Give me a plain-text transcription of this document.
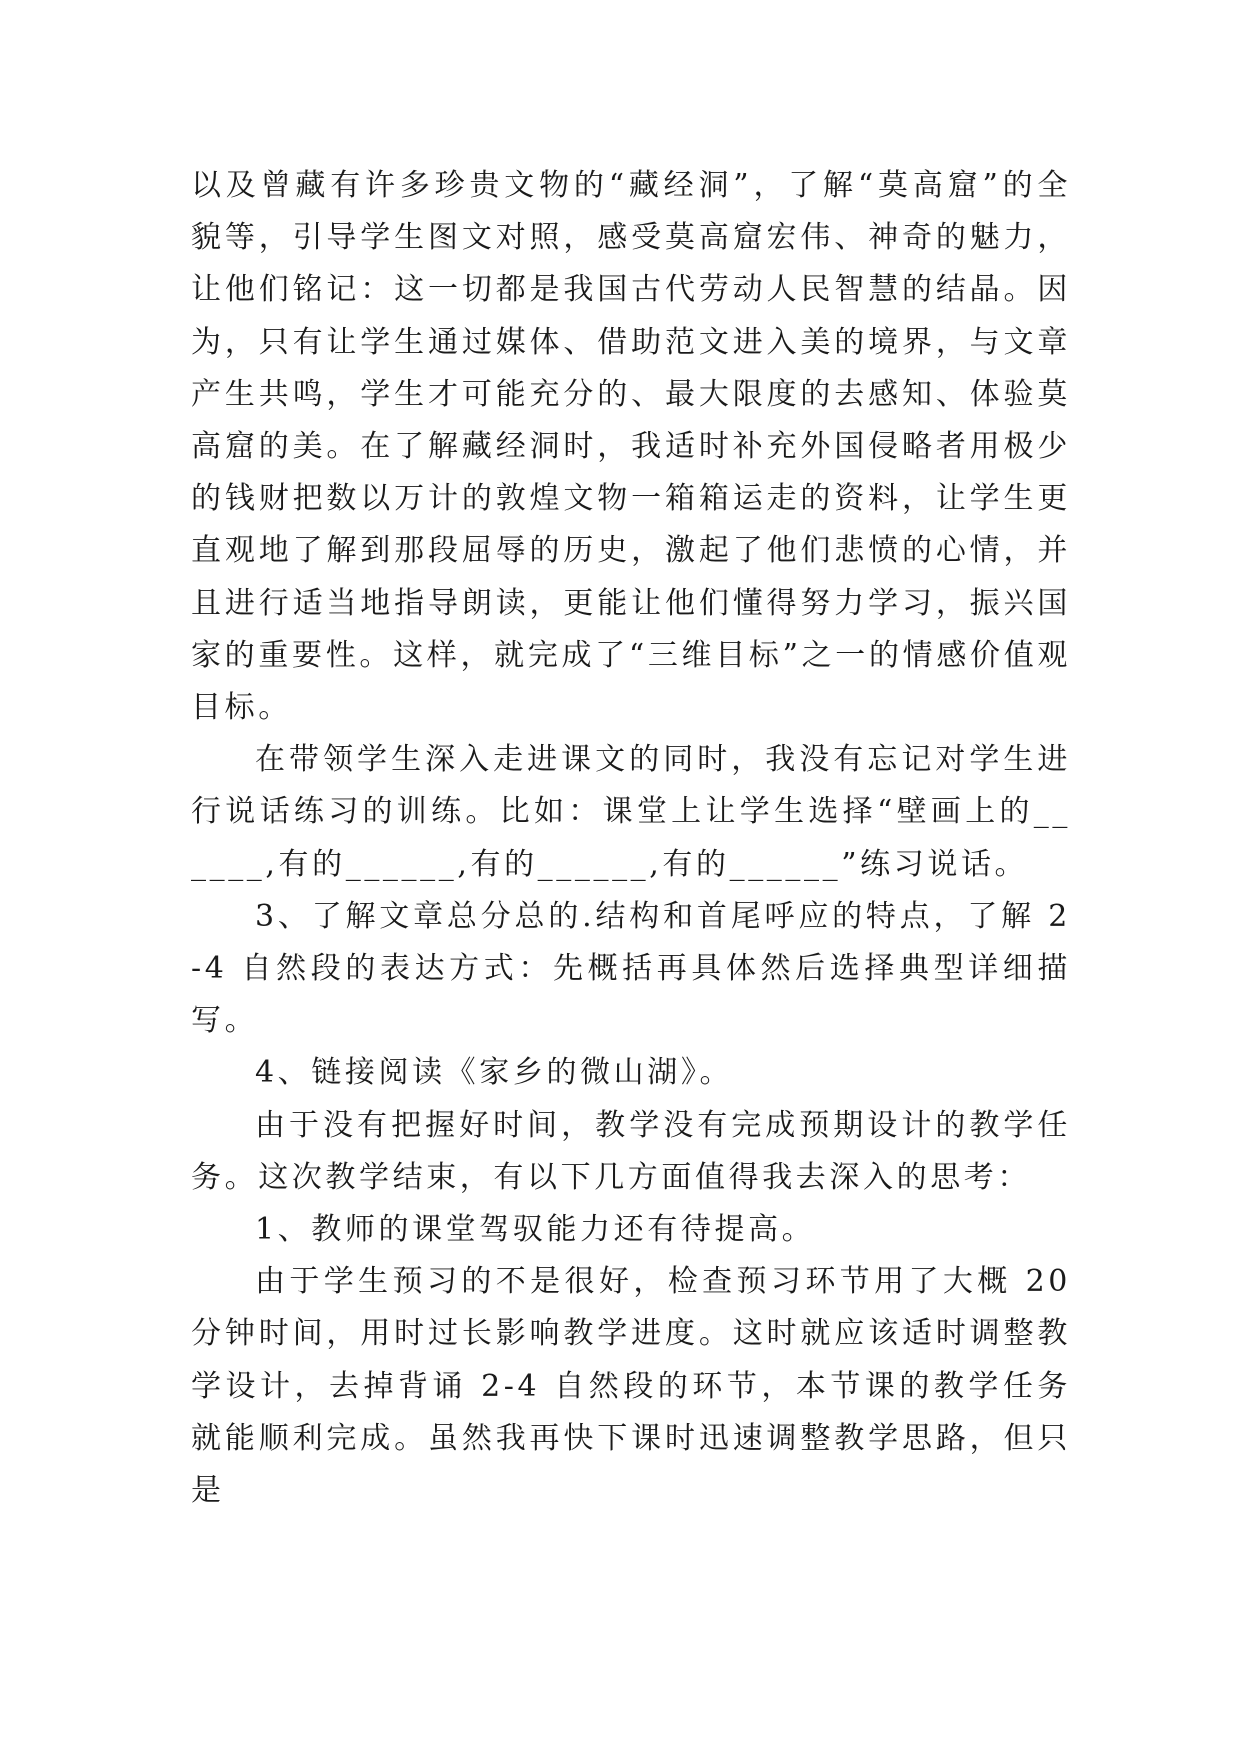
以及曾藏有许多珍贵文物的“藏经洞”，了解“莫高窟”的全貌等，引导学生图文对照，感受莫高窟宏伟、神奇的魅力，让他们铭记：这一切都是我国古代劳动人民智慧的结晶。因为，只有让学生通过媒体、借助范文进入美的境界，与文章产生共鸣，学生才可能充分的、最大限度的去感知、体验莫高窟的美。在了解藏经洞时，我适时补充外国侵略者用极少的钱财把数以万计的敦煌文物一箱箱运走的资料，让学生更直观地了解到那段屈辱的历史，激起了他们悲愤的心情，并且进行适当地指导朗读，更能让他们懂得努力学习，振兴国家的重要性。这样，就完成了“三维目标”之一的情感价值观目标。

在带领学生深入走进课文的同时，我没有忘记对学生进行说话练习的训练。比如：课堂上让学生选择“壁画上的______,有的______,有的______,有的______”练习说话。

3、了解文章总分总的.结构和首尾呼应的特点，了解 2-4 自然段的表达方式：先概括再具体然后选择典型详细描写。

4、链接阅读《家乡的微山湖》。

由于没有把握好时间，教学没有完成预期设计的教学任务。这次教学结束，有以下几方面值得我去深入的思考：

1、教师的课堂驾驭能力还有待提高。

由于学生预习的不是很好，检查预习环节用了大概 20 分钟时间，用时过长影响教学进度。这时就应该适时调整教学设计，去掉背诵 2-4 自然段的环节，本节课的教学任务就能顺利完成。虽然我再快下课时迅速调整教学思路，但只是
